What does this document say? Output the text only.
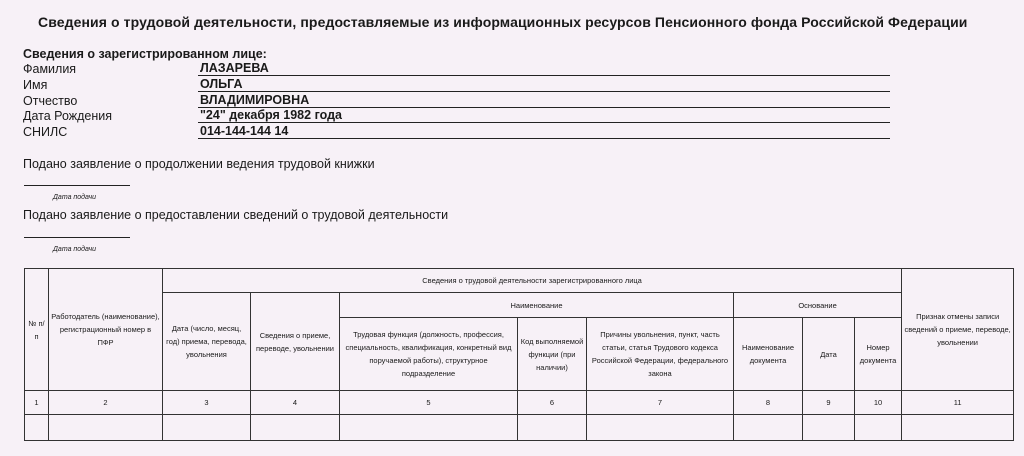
Сведения о трудовой деятельности, предоставляемые из информационных ресурсов Пенсионного фонда Российской Федерации
Сведения о зарегистрированном лице:
Фамилия	ЛАЗАРЕВА
Имя	ОЛЬГА
Отчество	ВЛАДИМИРОВНА
Дата Рождения	"24" декабря 1982 года
СНИЛС	014-144-144 14
Подано заявление о продолжении ведения трудовой книжки
Дата подачи
Подано заявление о предоставлении сведений о трудовой деятельности
Дата подачи
№ п/п	Работодатель (наименование), регистрационный номер в ПФР	Сведения о трудовой деятельности зарегистрированного лица								Признак отмены записи сведений о приеме, переводе, увольнении
		Дата (число, месяц, год) приема, перевода, увольнения	Сведения о приеме, переводе, увольнении	Наименование			Основание			
				Трудовая функция (должность, профессия, специальность, квалификация, конкретный вид поручаемой работы), структурное подразделение	Код выполняемой функции (при наличии)	Причины увольнения, пункт, часть статьи, статья Трудового кодекса Российской Федерации, федерального закона	Наименование документа	Дата	Номер документа	
1	2	3	4	5	6	7	8	9	10	11
